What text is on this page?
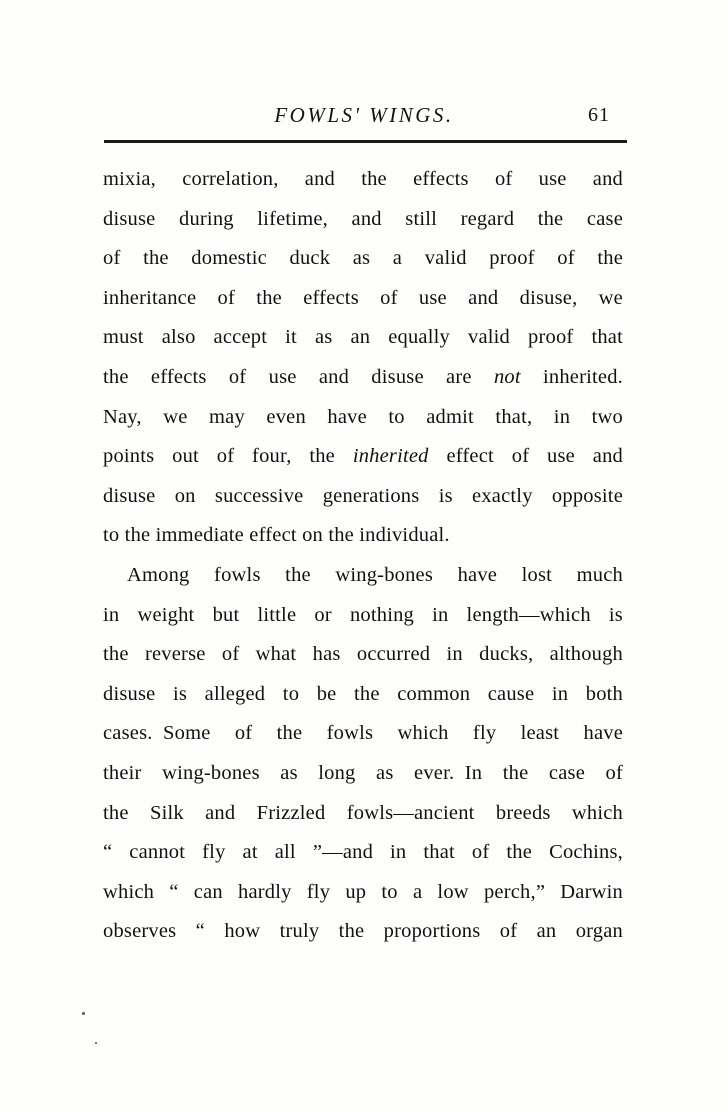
FOWLS' WINGS.	61
mixia, correlation, and the effects of use and
disuse during lifetime, and still regard the case
of the domestic duck as a valid proof of the
inheritance of the effects of use and disuse, we
must also accept it as an equally valid proof that
the effects of use and disuse are not inherited.
Nay, we may even have to admit that, in two
points out of four, the inherited effect of use and
disuse on successive generations is exactly opposite
to the immediate effect on the individual.
Among fowls the wing-bones have lost much
in weight but little or nothing in length—which is
the reverse of what has occurred in ducks, although
disuse is alleged to be the common cause in both
cases. Some of the fowls which fly least have
their wing-bones as long as ever. In the case of
the Silk and Frizzled fowls—ancient breeds which
“ cannot fly at all ”—and in that of the Cochins,
which “ can hardly fly up to a low perch,” Darwin
observes “ how truly the proportions of an organ
